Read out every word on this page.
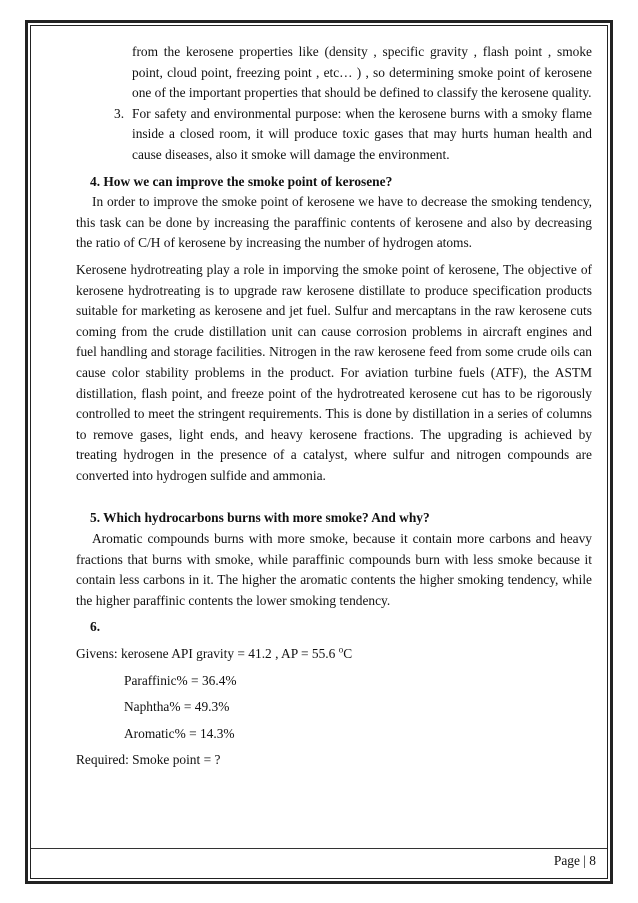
from the kerosene properties like (density , specific gravity , flash point , smoke point, cloud point, freezing point , etc… ) , so determining smoke point of kerosene one of the important properties that should be defined to classify the kerosene quality.

3. For safety and environmental purpose: when the kerosene burns with a smoky flame inside a closed room, it will produce toxic gases that may hurts human health and cause diseases, also it smoke will damage the environment.

4. How we can improve the smoke point of kerosene?

In order to improve the smoke point of kerosene we have to decrease the smoking tendency, this task can be done by increasing the paraffinic contents of kerosene and also by decreasing the ratio of C/H of kerosene by increasing the number of hydrogen atoms.

Kerosene hydrotreating play a role in imporving the smoke point of kerosene, The objective of kerosene hydrotreating is to upgrade raw kerosene distillate to produce specification products suitable for marketing as kerosene and jet fuel. Sulfur and mercaptans in the raw kerosene cuts coming from the crude distillation unit can cause corrosion problems in aircraft engines and fuel handling and storage facilities. Nitrogen in the raw kerosene feed from some crude oils can cause color stability problems in the product. For aviation turbine fuels (ATF), the ASTM distillation, flash point, and freeze point of the hydrotreated kerosene cut has to be rigorously controlled to meet the stringent requirements. This is done by distillation in a series of columns to remove gases, light ends, and heavy kerosene fractions. The upgrading is achieved by treating hydrogen in the presence of a catalyst, where sulfur and nitrogen compounds are converted into hydrogen sulfide and ammonia.

5. Which hydrocarbons burns with more smoke? And why?

Aromatic compounds burns with more smoke, because it contain more carbons and heavy fractions that burns with smoke, while paraffinic compounds burn with less smoke because it contain less carbons in it. The higher the aromatic contents the higher smoking tendency, while the higher paraffinic contents the lower smoking tendency.

6.

Givens: kerosene API gravity = 41.2 , AP = 55.6 $^o$C

Paraffinic% = 36.4%

Naphtha% = 49.3%

Aromatic% = 14.3%

Required: Smoke point = ?

Page | 8
